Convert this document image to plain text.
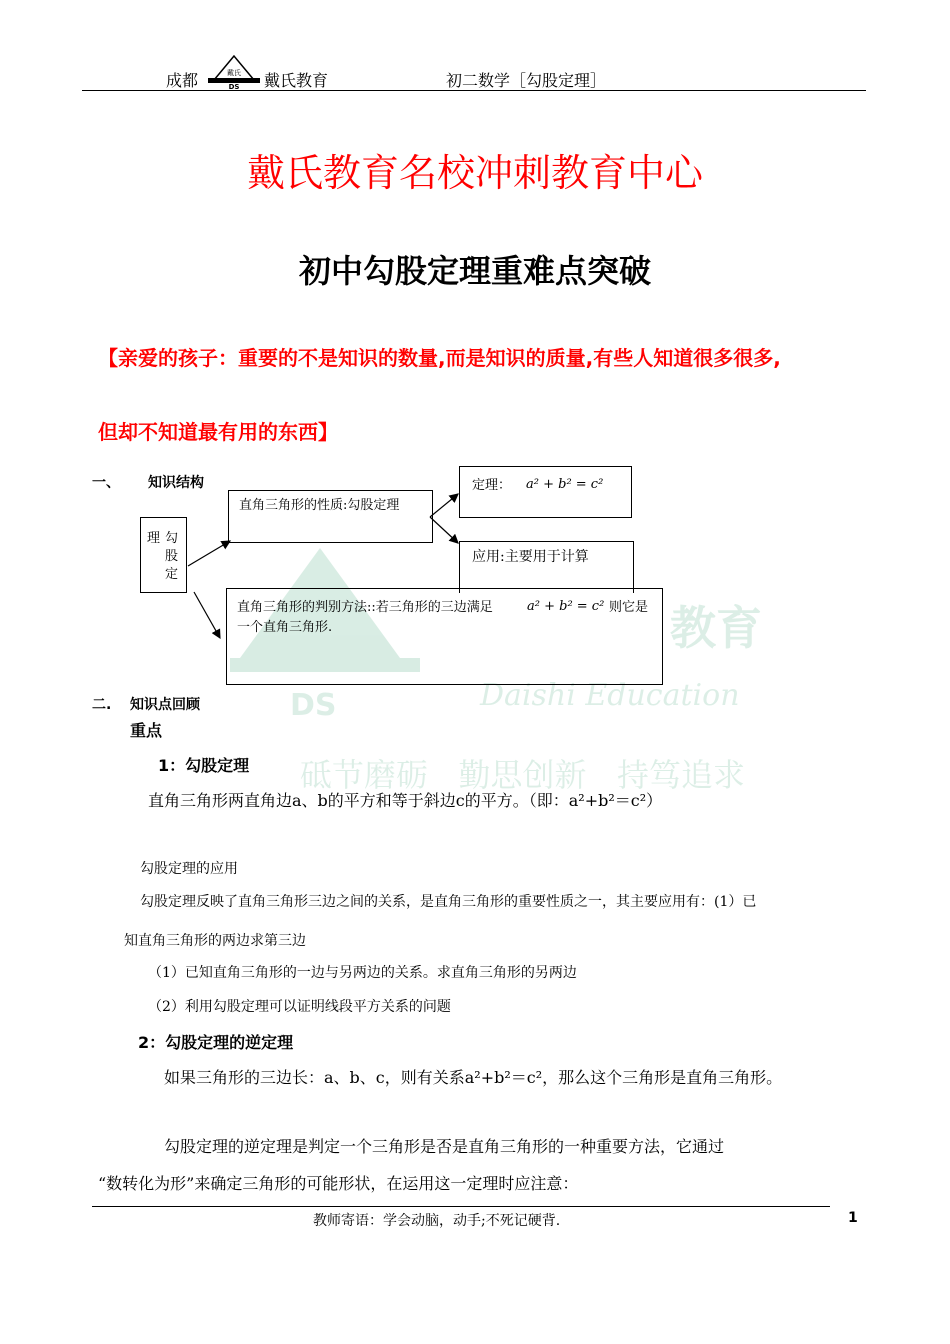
成都	戴氏
DS 戴氏教育	初二数学［勾股定理］
戴氏教育名校冲刺教育中心
初中勾股定理重难点突破
【亲爱的孩子：重要的不是知识的数量,而是知识的质量,有些人知道很多很多,
但却不知道最有用的东西】
DS
教育
Daishi Education
砥节磨砺   勤思创新   持笃追求
一、 知识结构
理 勾
股
定
直角三角形的性质:勾股定理
定理： a² + b² = c²
应用:主要用于计算
直角三角形的判别方法::若三角形的三边满足	a² + b² = c² 则它是
一个直角三角形.
二. 知识点回顾
重点
1：勾股定理
直角三角形两直角边a、b的平方和等于斜边c的平方。（即：a²+b²＝c²）
勾股定理的应用
勾股定理反映了直角三角形三边之间的关系，是直角三角形的重要性质之一，其主要应用有：(1）已
知直角三角形的两边求第三边
（1）已知直角三角形的一边与另两边的关系。求直角三角形的另两边
（2）利用勾股定理可以证明线段平方关系的问题
2：勾股定理的逆定理
如果三角形的三边长：a、b、c，则有关系a²+b²＝c²，那么这个三角形是直角三角形。
勾股定理的逆定理是判定一个三角形是否是直角三角形的一种重要方法，它通过
“数转化为形”来确定三角形的可能形状，在运用这一定理时应注意：
教师寄语：学会动脑，动手;不死记硬背.	1
